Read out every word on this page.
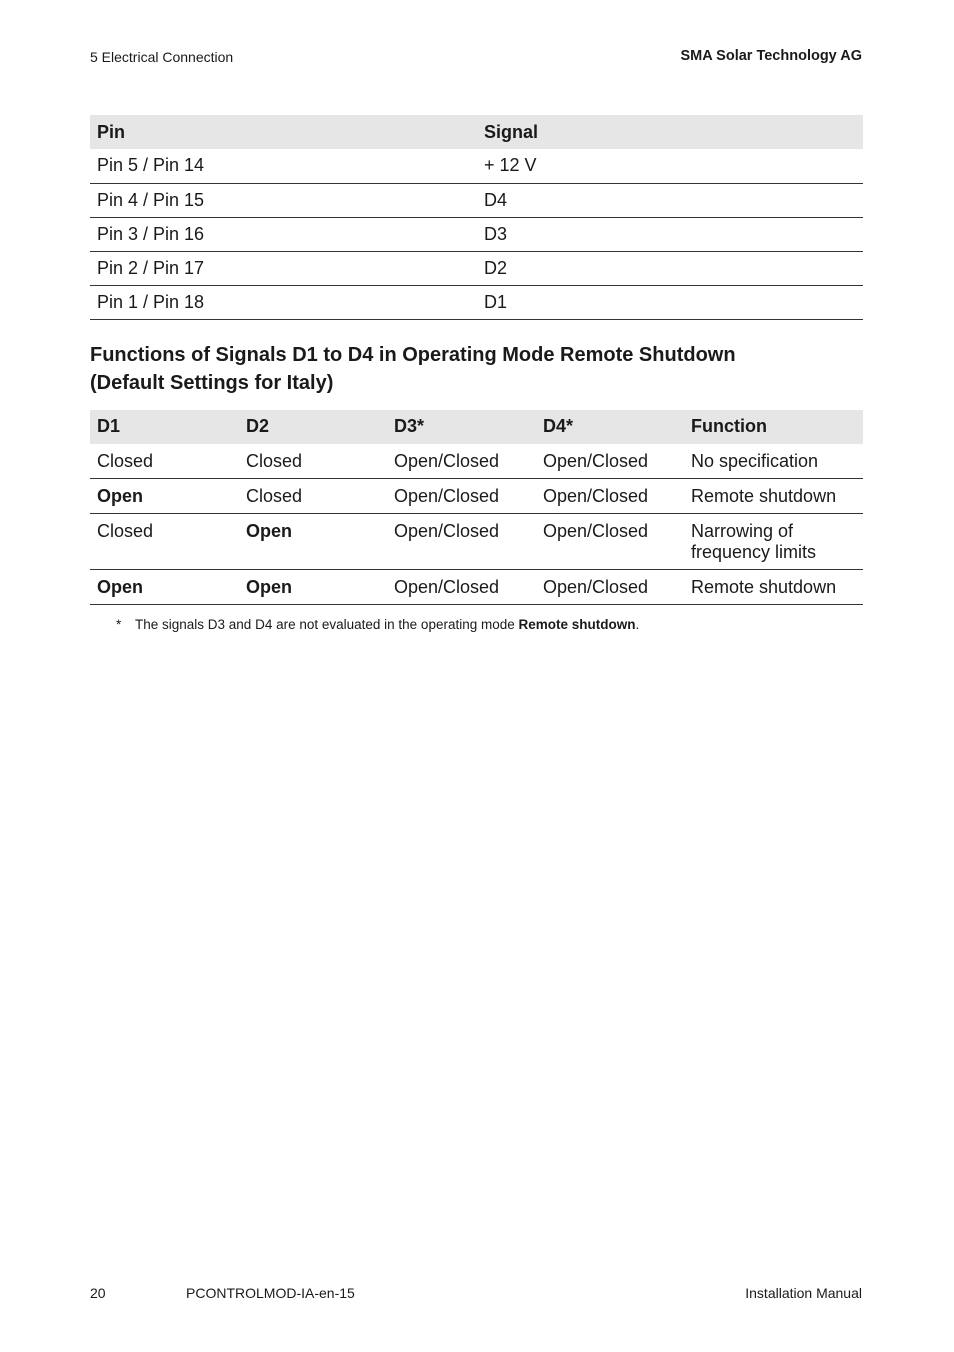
5 Electrical Connection	SMA Solar Technology AG
Pin	Signal
Pin 5 / Pin 14	+ 12 V
Pin 4 / Pin 15	D4
Pin 3 / Pin 16	D3
Pin 2 / Pin 17	D2
Pin 1 / Pin 18	D1
Functions of Signals D1 to D4 in Operating Mode Remote Shutdown
(Default Settings for Italy)
D1	D2	D3*	D4*	Function
Closed	Closed	Open/Closed	Open/Closed	No specification
Open	Closed	Open/Closed	Open/Closed	Remote shutdown
Closed	Open	Open/Closed	Open/Closed	Narrowing of frequency limits
Open	Open	Open/Closed	Open/Closed	Remote shutdown
* The signals D3 and D4 are not evaluated in the operating mode Remote shutdown.
20	PCONTROLMOD-IA-en-15	Installation Manual
